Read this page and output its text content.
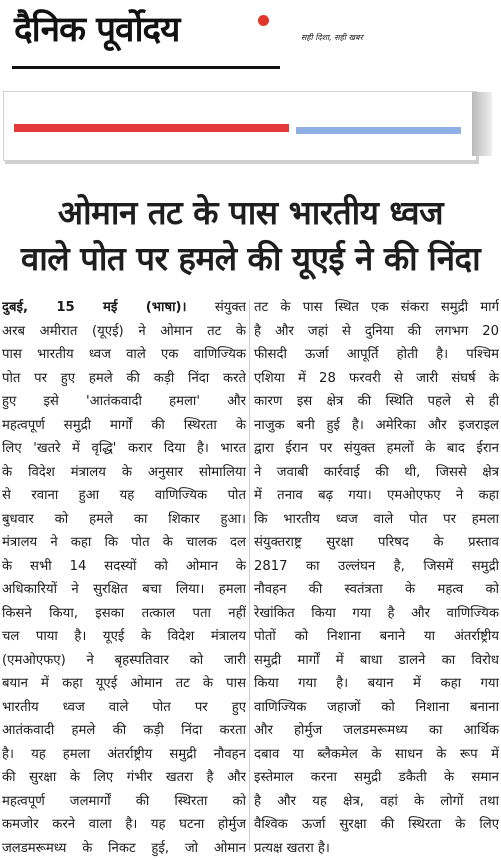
दैनिक पूर्वोदय	सही दिशा, सही खबर
ओमान तट के पास भारतीय ध्वज
वाले पोत पर हमले की यूएई ने की निंदा
दुबई, 15 मई (भाषा)। संयुक्त
अरब अमीरात (यूएई) ने ओमान तट के
पास भारतीय ध्वज वाले एक वाणिज्यिक
पोत पर हुए हमले की कड़ी निंदा करते
हुए इसे 'आतंकवादी हमला' और
महत्वपूर्ण समुद्री मार्गों की स्थिरता के
लिए 'खतरे में वृद्धि' करार दिया है। भारत
के विदेश मंत्रालय के अनुसार सोमालिया
से रवाना हुआ यह वाणिज्यिक पोत
बुधवार को हमले का शिकार हुआ।
मंत्रालय ने कहा कि पोत के चालक दल
के सभी 14 सदस्यों को ओमान के
अधिकारियों ने सुरक्षित बचा लिया। हमला
किसने किया, इसका तत्काल पता नहीं
चल पाया है। यूएई के विदेश मंत्रालय
(एमओएफए) ने बृहस्पतिवार को जारी
बयान में कहा यूएई ओमान तट के पास
भारतीय ध्वज वाले पोत पर हुए
आतंकवादी हमले की कड़ी निंदा करता
है। यह हमला अंतर्राष्ट्रीय समुद्री नौवहन
की सुरक्षा के लिए गंभीर खतरा है और
महत्वपूर्ण जलमार्गों की स्थिरता को
कमजोर करने वाला है। यह घटना होर्मुज
जलडमरूमध्य के निकट हुई, जो ओमान
तट के पास स्थित एक संकरा समुद्री मार्ग
है और जहां से दुनिया की लगभग 20
फीसदी ऊर्जा आपूर्ति होती है। पश्चिम
एशिया में 28 फरवरी से जारी संघर्ष के
कारण इस क्षेत्र की स्थिति पहले से ही
नाजुक बनी हुई है। अमेरिका और इजराइल
द्वारा ईरान पर संयुक्त हमलों के बाद ईरान
ने जवाबी कार्रवाई की थी, जिससे क्षेत्र
में तनाव बढ़ गया। एमओएफए ने कहा
कि भारतीय ध्वज वाले पोत पर हमला
संयुक्तराष्ट्र सुरक्षा परिषद के प्रस्ताव
2817 का उल्लंघन है, जिसमें समुद्री
नौवहन की स्वतंत्रता के महत्व को
रेखांकित किया गया है और वाणिज्यिक
पोतों को निशाना बनाने या अंतर्राष्ट्रीय
समुद्री मार्गों में बाधा डालने का विरोध
किया गया है। बयान में कहा गया
वाणिज्यिक जहाजों को निशाना बनाना
और होर्मुज जलडमरूमध्य का आर्थिक
दबाव या ब्लैकमेल के साधन के रूप में
इस्तेमाल करना समुद्री डकैती के समान
है और यह क्षेत्र, वहां के लोगों तथा
वैश्विक ऊर्जा सुरक्षा की स्थिरता के लिए
प्रत्यक्ष खतरा है।
